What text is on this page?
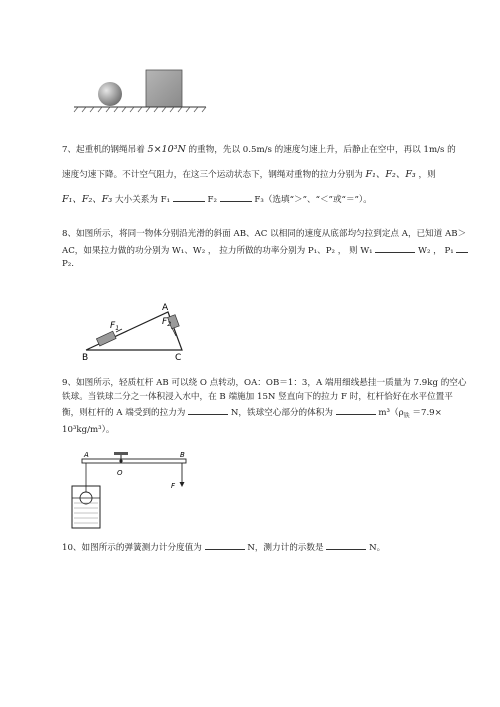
7、起重机的钢绳吊着 5×10³N 的重物，先以 0.5m/s 的速度匀速上升，后静止在空中，再以 1m/s 的
速度匀速下降。不计空气阻力，在这三个运动状态下，钢绳对重物的拉力分别为 F₁、F₂、F₃ ，则
F₁、F₂、F₃ 大小关系为 F₁	F₂	F₃（选填“＞”、“＜”或“＝”）。
8、如图所示，将同一物体分别沿光滑的斜面 AB、AC 以相同的速度从底部均匀拉到定点 A，已知道 AB＞
AC，如果拉力做的功分别为 W₁、W₂ ， 拉力所做的功率分别为 P₁、P₂ ， 则 W₁	W₂ ， P₁
P₂.
A
B	C
$F_1$
$F_2$
9、如图所示，轻质杠杆 AB 可以绕 O 点转动，OA：OB＝1：3，A 端用细线悬挂一质量为 7.9kg 的空心
铁球。当铁球二分之一体积浸入水中，在 B 端施加 15N 竖直向下的拉力 F 时，杠杆恰好在水平位置平
衡，则杠杆的 A 端受到的拉力为	N，铁球空心部分的体积为	$m^3(\rho_铁 =7.9\times$
10³kg/m³）。
A
O
B
F
10、如图所示的弹簧测力计分度值为	N，测力计的示数是	N。
